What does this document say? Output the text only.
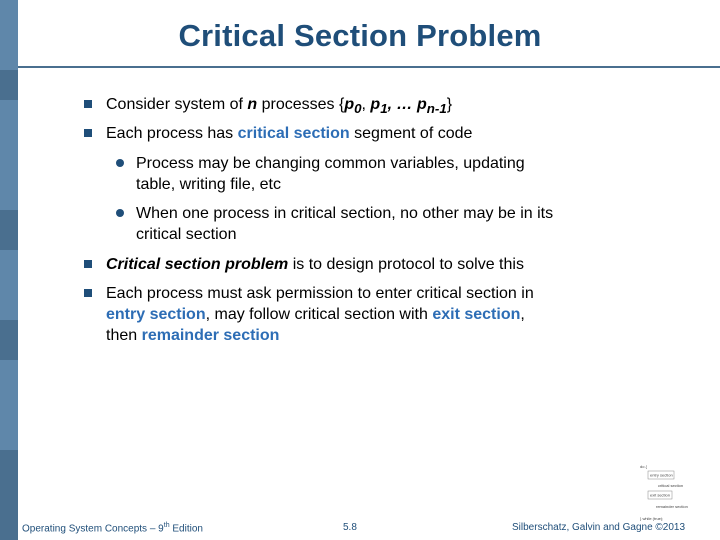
Critical Section Problem
Consider system of n processes {$p_0$, $p_1$, … $p_{n-1}$}
Each process has critical section segment of code
Process may be changing common variables, updating
table, writing file, etc
When one process in critical section, no other may be in its
critical section
Critical section problem is to design protocol to solve this
Each process must ask permission to enter critical section in
entry section, may follow critical section with exit section,
then remainder section
do {
entry section
critical section
exit section
remainder section
} while (true);
Operating System Concepts – 9th Edition	5.8	Silberschatz, Galvin and Gagne ©2013
